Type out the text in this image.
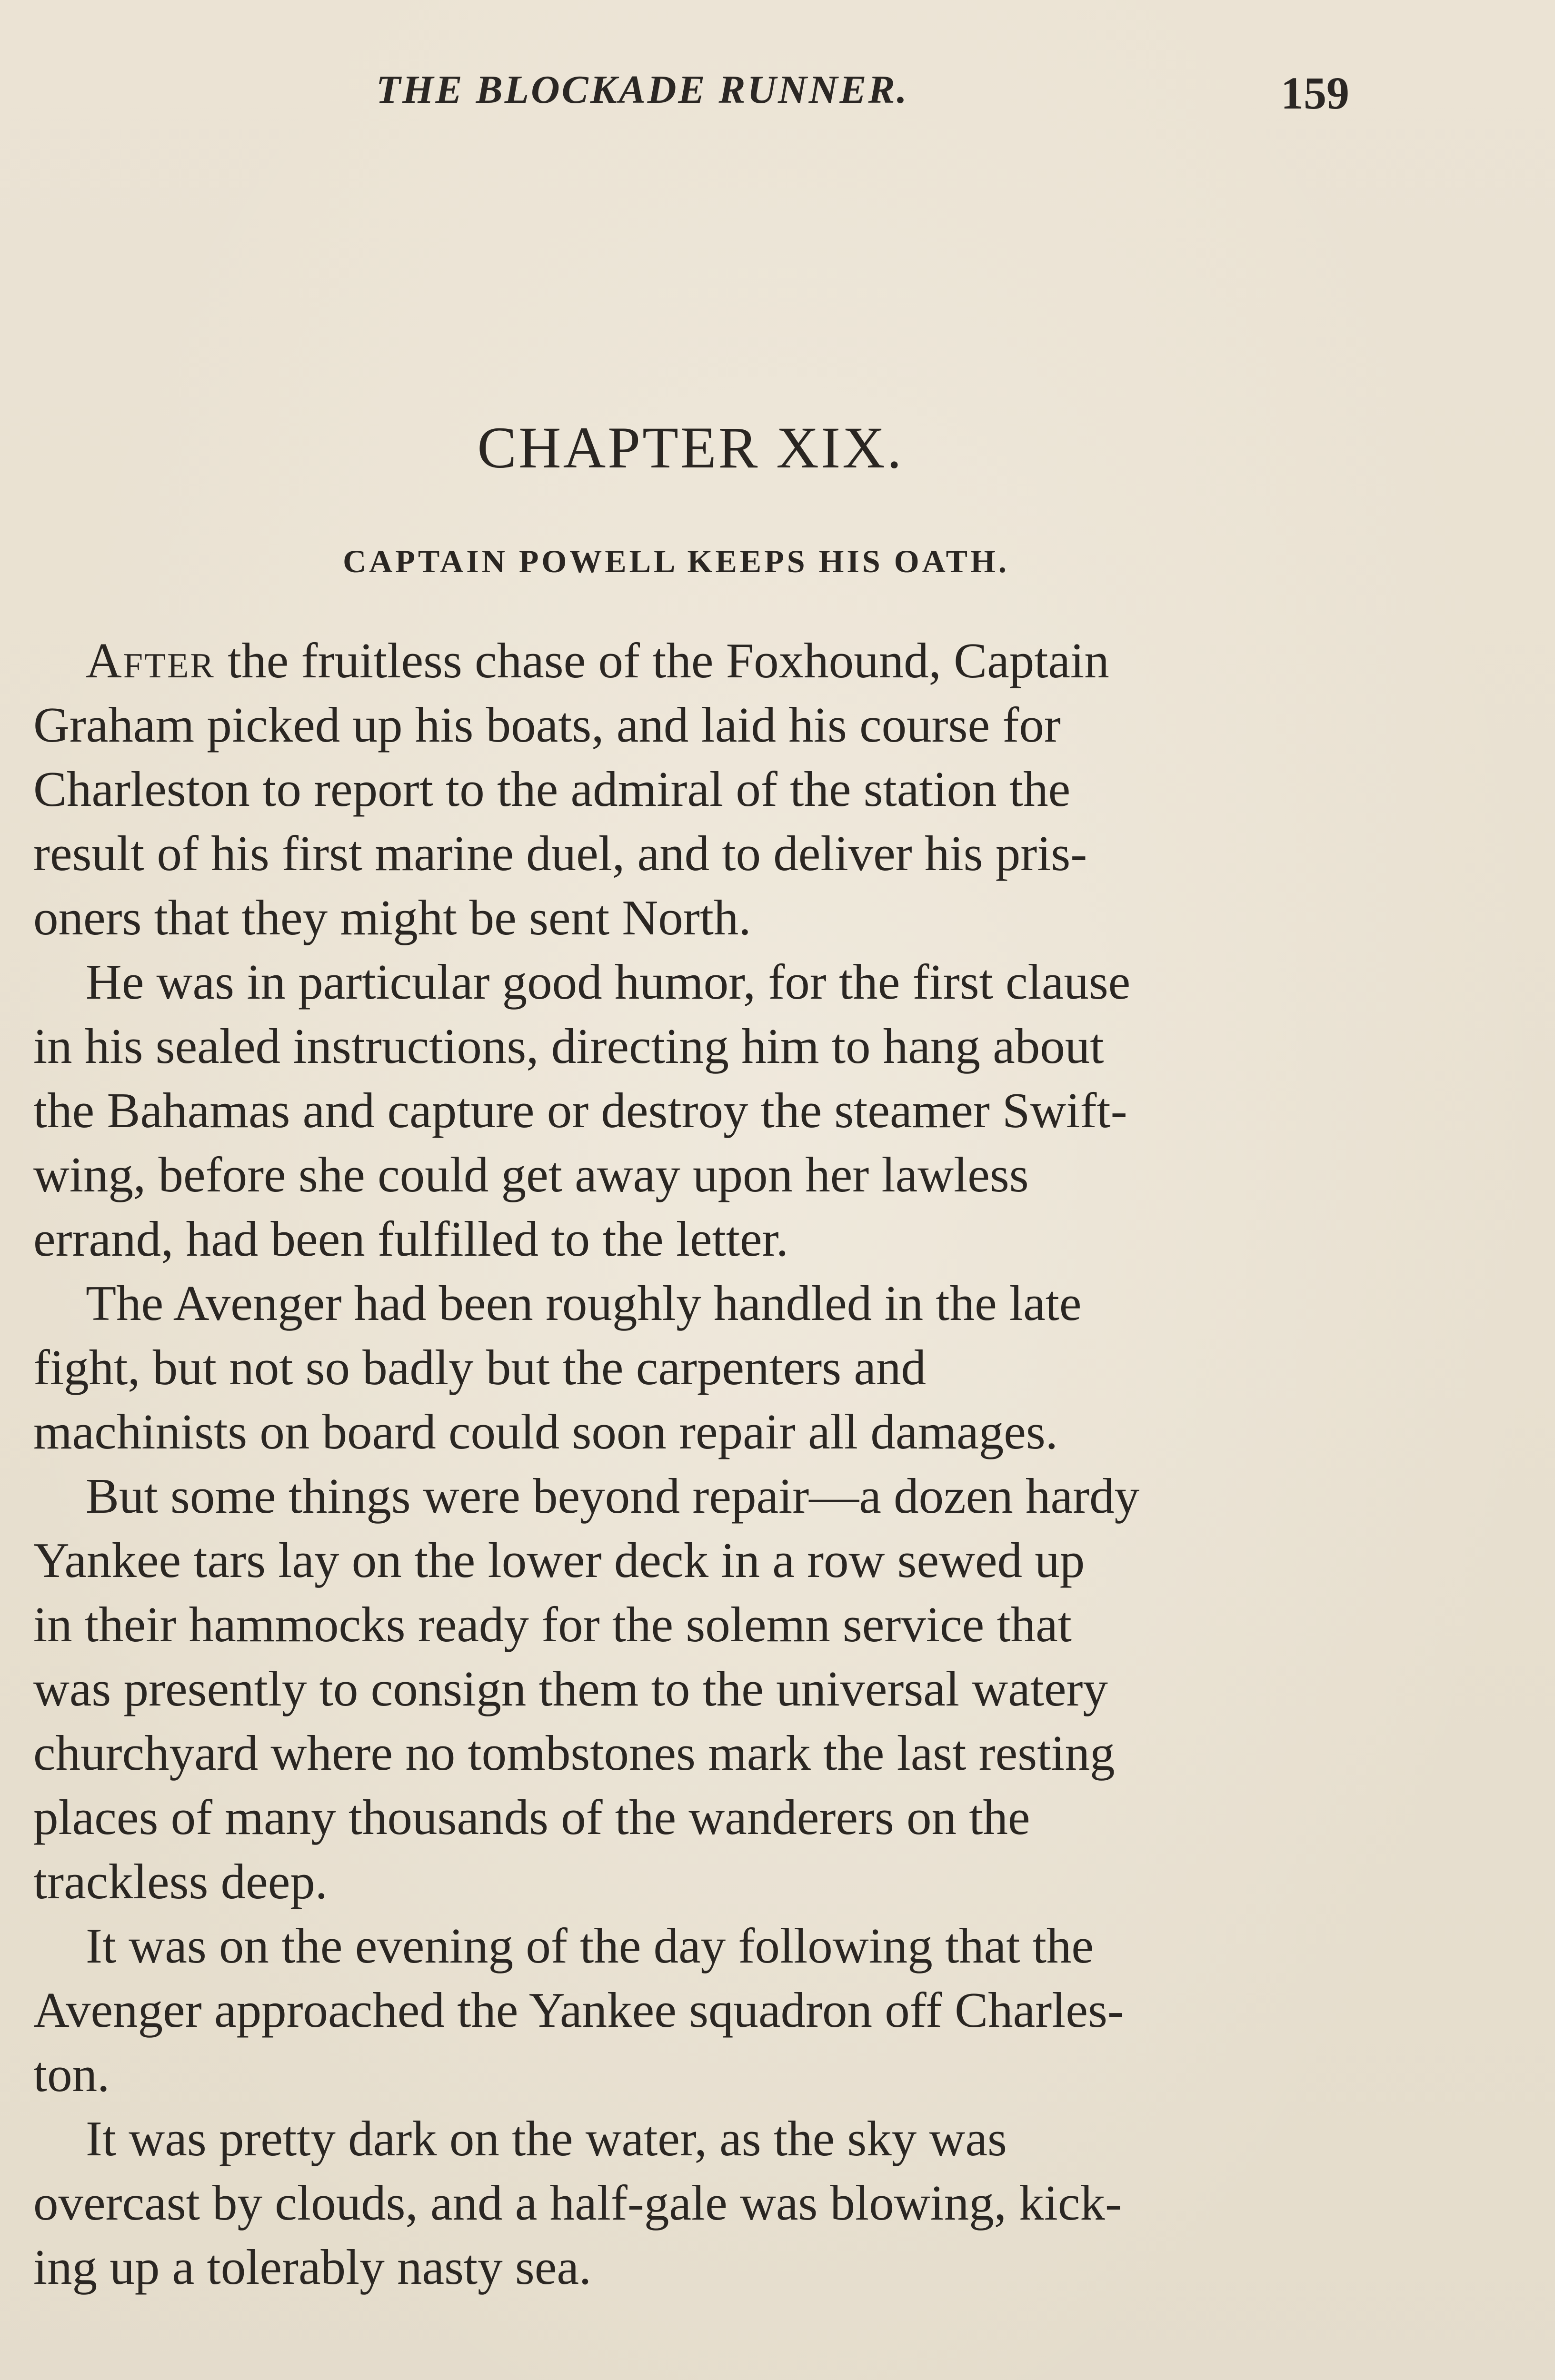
THE BLOCKADE RUNNER.	159
CHAPTER XIX.
CAPTAIN POWELL KEEPS HIS OATH.
After the fruitless chase of the Foxhound, Captain
Graham picked up his boats, and laid his course for
Charleston to report to the admiral of the station the
result of his first marine duel, and to deliver his pris-
oners that they might be sent North.
He was in particular good humor, for the first clause
in his sealed instructions, directing him to hang about
the Bahamas and capture or destroy the steamer Swift-
wing, before she could get away upon her lawless
errand, had been fulfilled to the letter.
The Avenger had been roughly handled in the late
fight, but not so badly but the carpenters and
machinists on board could soon repair all damages.
But some things were beyond repair—a dozen hardy
Yankee tars lay on the lower deck in a row sewed up
in their hammocks ready for the solemn service that
was presently to consign them to the universal watery
churchyard where no tombstones mark the last resting
places of many thousands of the wanderers on the
trackless deep.
It was on the evening of the day following that the
Avenger approached the Yankee squadron off Charles-
ton.
It was pretty dark on the water, as the sky was
overcast by clouds, and a half-gale was blowing, kick-
ing up a tolerably nasty sea.
